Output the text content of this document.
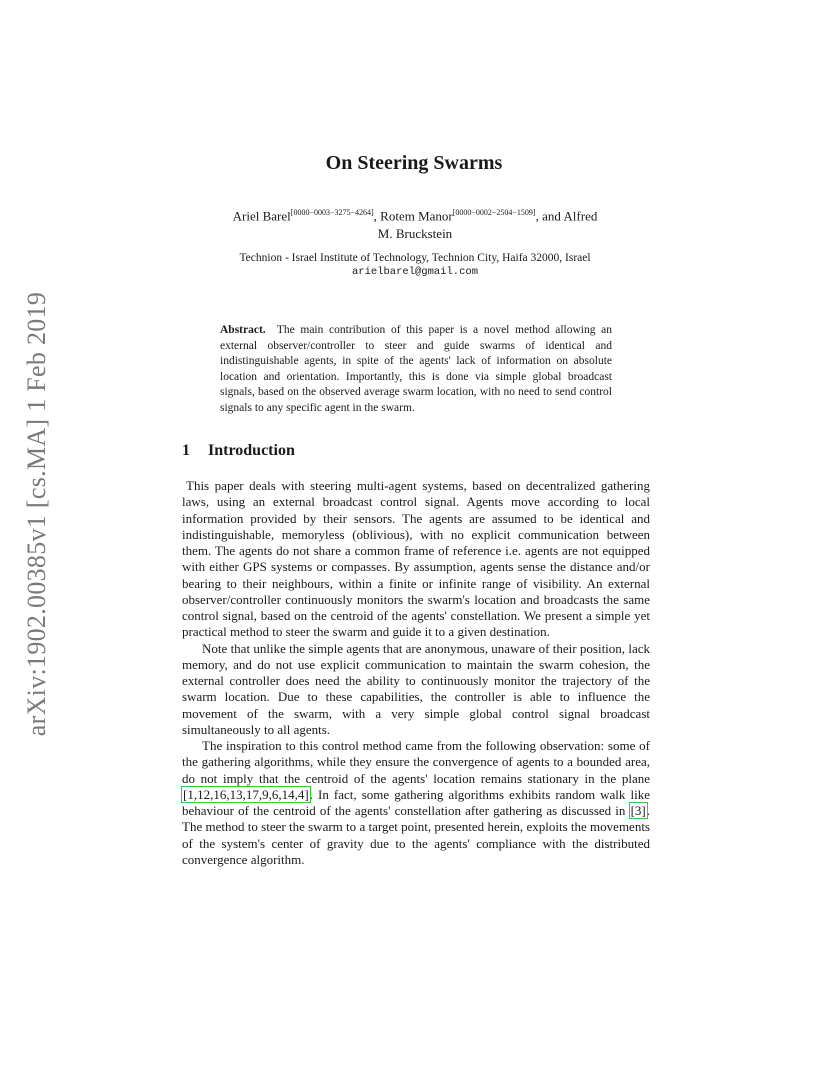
arXiv:1902.00385v1 [cs.MA] 1 Feb 2019
On Steering Swarms
Ariel Barel[0000−0003−3275−4264], Rotem Manor[0000−0002−2504−1509], and Alfred
M. Bruckstein
Technion - Israel Institute of Technology, Technion City, Haifa 32000, Israel
arielbarel@gmail.com
Abstract. The main contribution of this paper is a novel method allowing an external observer/controller to steer and guide swarms of identical and indistinguishable agents, in spite of the agents' lack of information on absolute location and orientation. Importantly, this is done via simple global broadcast signals, based on the observed average swarm location, with no need to send control signals to any specific agent in the swarm.
1 Introduction

This paper deals with steering multi-agent systems, based on decentralized gathering laws, using an external broadcast control signal. Agents move according to local information provided by their sensors. The agents are assumed to be identical and indistinguishable, memoryless (oblivious), with no explicit communication between them. The agents do not share a common frame of reference i.e. agents are not equipped with either GPS systems or compasses. By assumption, agents sense the distance and/or bearing to their neighbours, within a finite or infinite range of visibility. An external observer/controller continuously monitors the swarm's location and broadcasts the same control signal, based on the centroid of the agents' constellation. We present a simple yet practical method to steer the swarm and guide it to a given destination.

Note that unlike the simple agents that are anonymous, unaware of their position, lack memory, and do not use explicit communication to maintain the swarm cohesion, the external controller does need the ability to continuously monitor the trajectory of the swarm location. Due to these capabilities, the controller is able to influence the movement of the swarm, with a very simple global control signal broadcast simultaneously to all agents.

The inspiration to this control method came from the following observation: some of the gathering algorithms, while they ensure the convergence of agents to a bounded area, do not imply that the centroid of the agents' location remains stationary in the plane [1,12,16,13,17,9,6,14,4]. In fact, some gathering algorithms exhibits random walk like behaviour of the centroid of the agents' constellation after gathering as discussed in [3]. The method to steer the swarm to a target point, presented herein, exploits the movements of the system's center of gravity due to the agents' compliance with the distributed convergence algorithm.
